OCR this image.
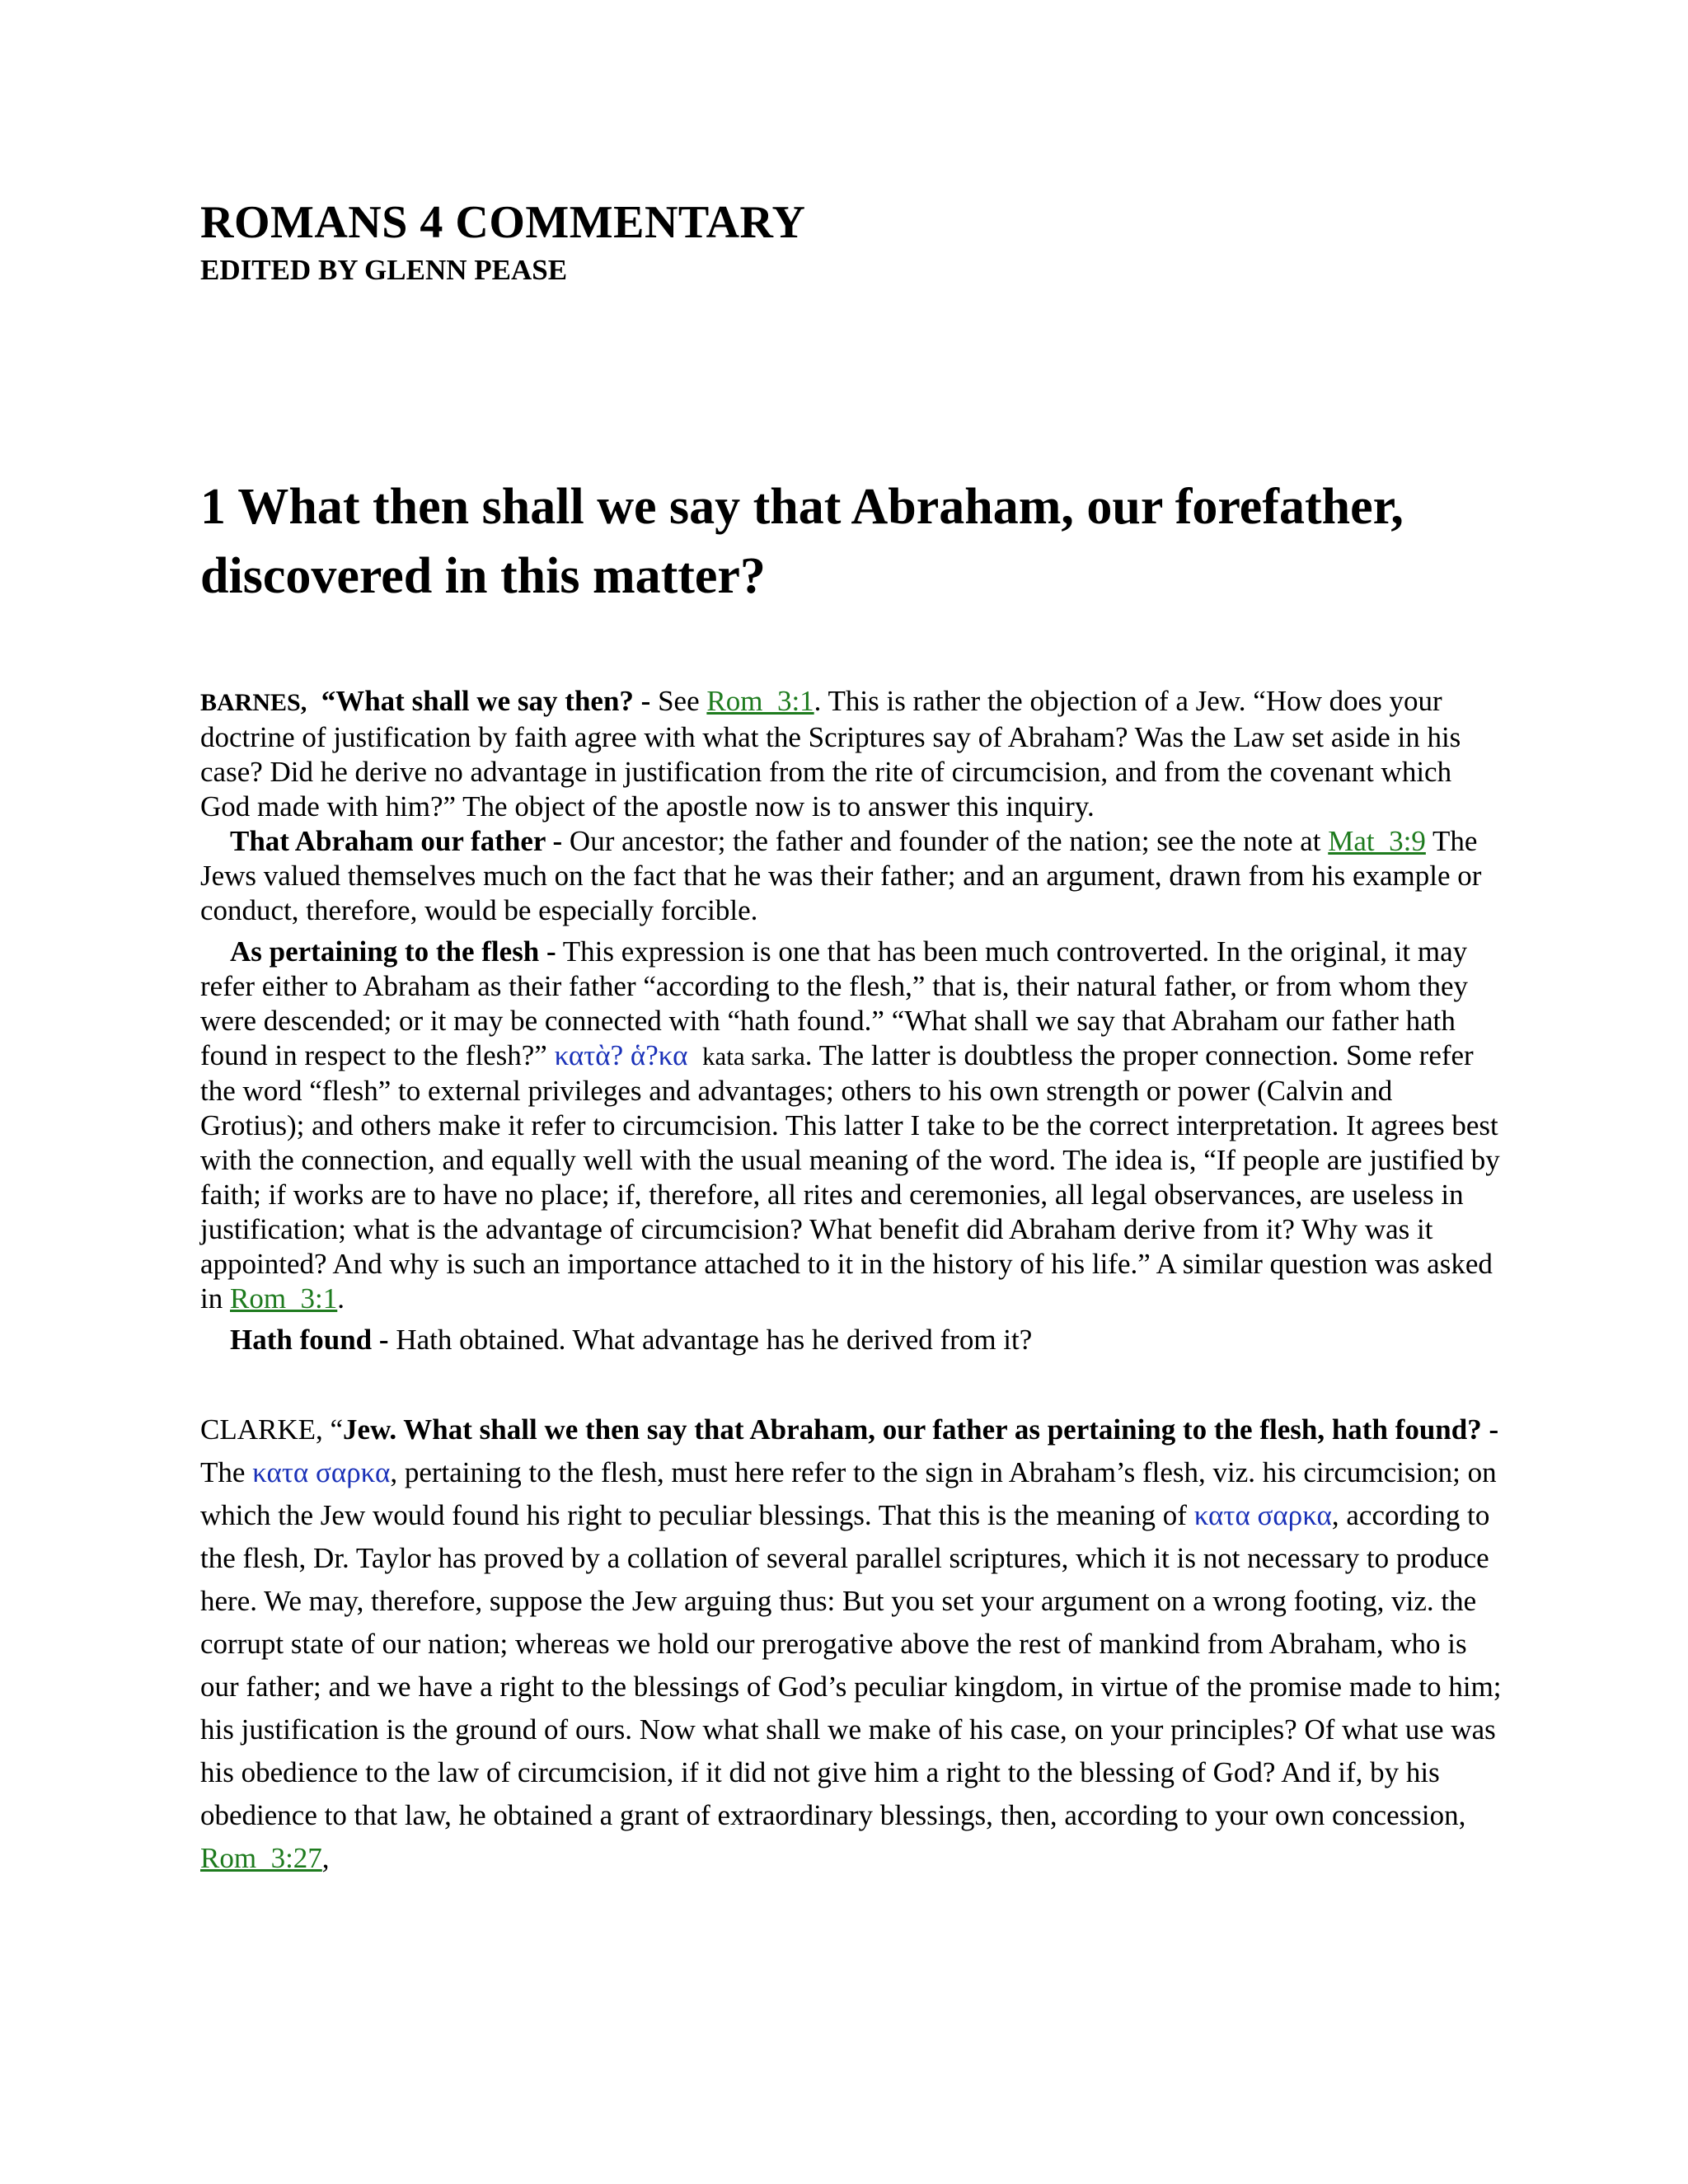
ROMANS 4 COMMENTARY
EDITED BY GLENN PEASE
1 What then shall we say that Abraham, our forefather, discovered in this matter?

BARNES, “What shall we say then? - See Rom_3:1. This is rather the objection of a Jew. “How does your doctrine of justification by faith agree with what the Scriptures say of Abraham? Was the Law set aside in his case? Did he derive no advantage in justification from the rite of circumcision, and from the covenant which God made with him?” The object of the apostle now is to answer this inquiry.

That Abraham our father - Our ancestor; the father and founder of the nation; see the note at Mat_3:9 The Jews valued themselves much on the fact that he was their father; and an argument, drawn from his example or conduct, therefore, would be especially forcible.

As pertaining to the flesh - This expression is one that has been much controverted. In the original, it may refer either to Abraham as their father “according to the flesh,” that is, their natural father, or from whom they were descended; or it may be connected with “hath found.” “What shall we say that Abraham our father hath found in respect to the flesh?” κατὰ? ἁ?κα kata sarka. The latter is doubtless the proper connection. Some refer the word “flesh” to external privileges and advantages; others to his own strength or power (Calvin and Grotius); and others make it refer to circumcision. This latter I take to be the correct interpretation. It agrees best with the connection, and equally well with the usual meaning of the word. The idea is, “If people are justified by faith; if works are to have no place; if, therefore, all rites and ceremonies, all legal observances, are useless in justification; what is the advantage of circumcision? What benefit did Abraham derive from it? Why was it appointed? And why is such an importance attached to it in the history of his life.” A similar question was asked in Rom_3:1.

Hath found - Hath obtained. What advantage has he derived from it?

CLARKE, “Jew. What shall we then say that Abraham, our father as pertaining to the flesh, hath found? - The κατα σαρκα, pertaining to the flesh, must here refer to the sign in Abraham’s flesh, viz. his circumcision; on which the Jew would found his right to peculiar blessings. That this is the meaning of κατα σαρκα, according to the flesh, Dr. Taylor has proved by a collation of several parallel scriptures, which it is not necessary to produce here. We may, therefore, suppose the Jew arguing thus: But you set your argument on a wrong footing, viz. the corrupt state of our nation; whereas we hold our prerogative above the rest of mankind from Abraham, who is our father; and we have a right to the blessings of God’s peculiar kingdom, in virtue of the promise made to him; his justification is the ground of ours. Now what shall we make of his case, on your principles? Of what use was his obedience to the law of circumcision, if it did not give him a right to the blessing of God? And if, by his obedience to that law, he obtained a grant of extraordinary blessings, then, according to your own concession, Rom_3:27,
